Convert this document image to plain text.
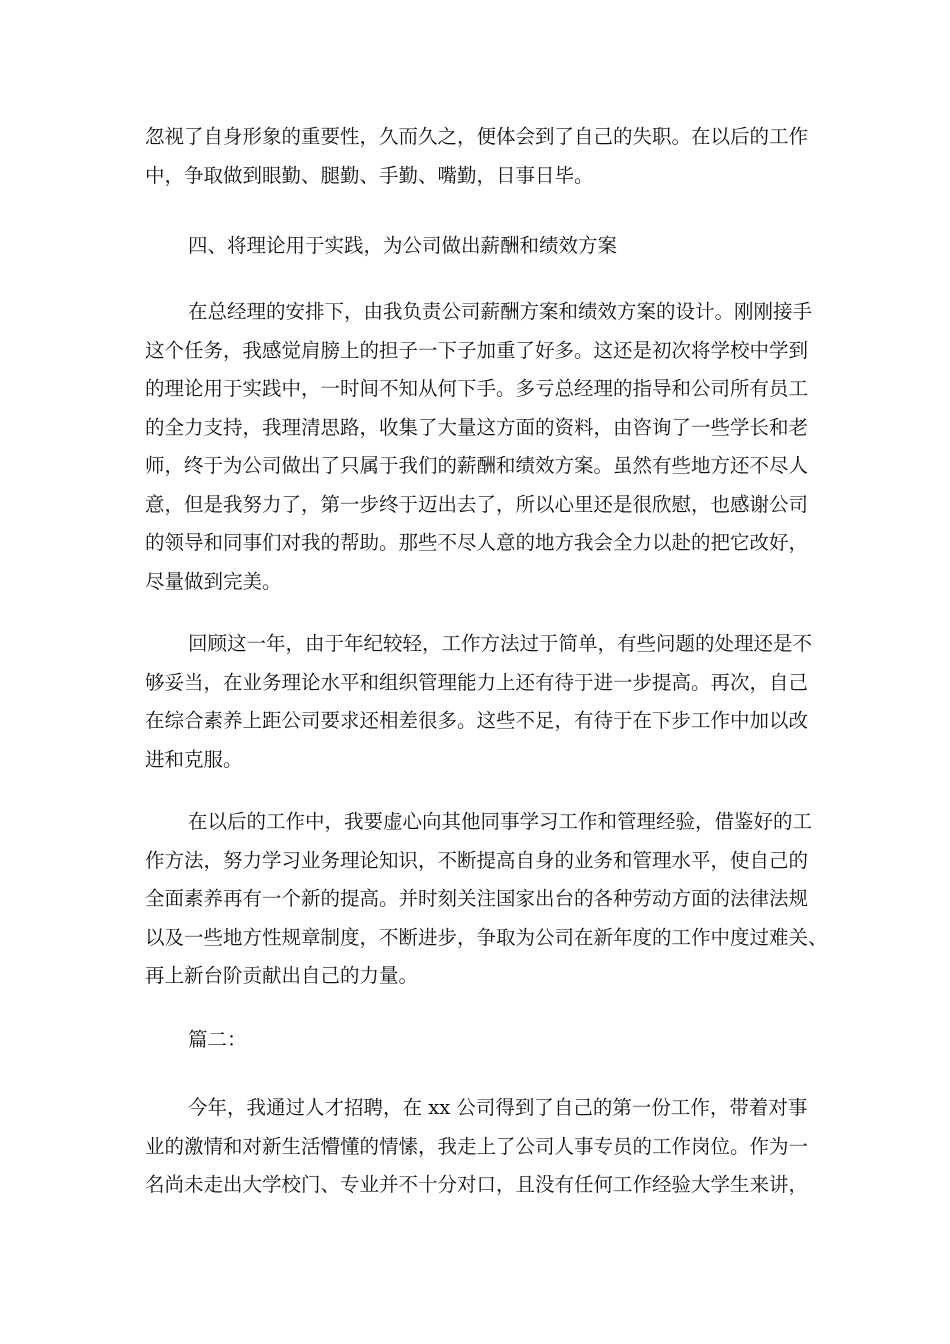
忽视了自身形象的重要性，久而久之，便体会到了自己的失职。在以后的工作
中，争取做到眼勤、腿勤、手勤、嘴勤，日事日毕。
四、将理论用于实践，为公司做出薪酬和绩效方案
在总经理的安排下，由我负责公司薪酬方案和绩效方案的设计。刚刚接手
这个任务，我感觉肩膀上的担子一下子加重了好多。这还是初次将学校中学到
的理论用于实践中，一时间不知从何下手。多亏总经理的指导和公司所有员工
的全力支持，我理清思路，收集了大量这方面的资料，由咨询了一些学长和老
师，终于为公司做出了只属于我们的薪酬和绩效方案。虽然有些地方还不尽人
意，但是我努力了，第一步终于迈出去了，所以心里还是很欣慰，也感谢公司
的领导和同事们对我的帮助。那些不尽人意的地方我会全力以赴的把它改好，
尽量做到完美。
回顾这一年，由于年纪较轻，工作方法过于简单，有些问题的处理还是不
够妥当，在业务理论水平和组织管理能力上还有待于进一步提高。再次，自己
在综合素养上距公司要求还相差很多。这些不足，有待于在下步工作中加以改
进和克服。
在以后的工作中，我要虚心向其他同事学习工作和管理经验，借鉴好的工
作方法，努力学习业务理论知识，不断提高自身的业务和管理水平，使自己的
全面素养再有一个新的提高。并时刻关注国家出台的各种劳动方面的法律法规
以及一些地方性规章制度，不断进步，争取为公司在新年度的工作中度过难关、
再上新台阶贡献出自己的力量。
篇二：
今年，我通过人才招聘，在 xx 公司得到了自己的第一份工作，带着对事
业的激情和对新生活懵懂的情愫，我走上了公司人事专员的工作岗位。作为一
名尚未走出大学校门、专业并不十分对口，且没有任何工作经验大学生来讲，
